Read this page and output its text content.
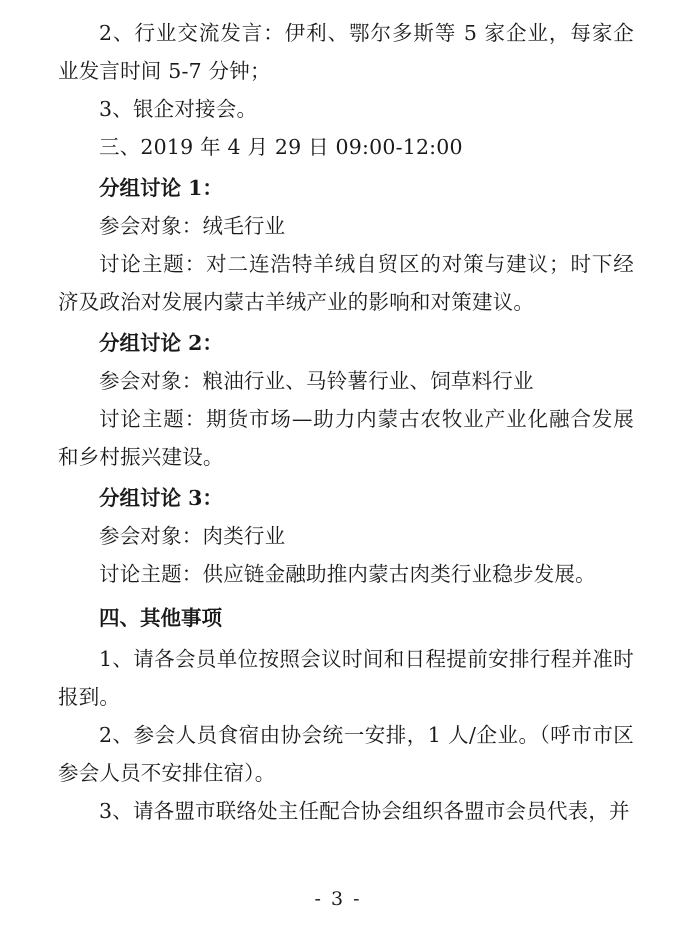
2、行业交流发言：伊利、鄂尔多斯等 5 家企业，每家企业发言时间 5-7 分钟；

3、银企对接会。

三、2019 年 4 月 29 日 09:00-12:00

分组讨论 1：

参会对象：绒毛行业

讨论主题：对二连浩特羊绒自贸区的对策与建议；时下经济及政治对发展内蒙古羊绒产业的影响和对策建议。

分组讨论 2：

参会对象：粮油行业、马铃薯行业、饲草料行业

讨论主题：期货市场—助力内蒙古农牧业产业化融合发展和乡村振兴建设。

分组讨论 3：

参会对象：肉类行业

讨论主题：供应链金融助推内蒙古肉类行业稳步发展。

四、其他事项

1、请各会员单位按照会议时间和日程提前安排行程并准时报到。

2、参会人员食宿由协会统一安排，1 人/企业。（呼市市区参会人员不安排住宿）。

3、请各盟市联络处主任配合协会组织各盟市会员代表，并

- 3 -
